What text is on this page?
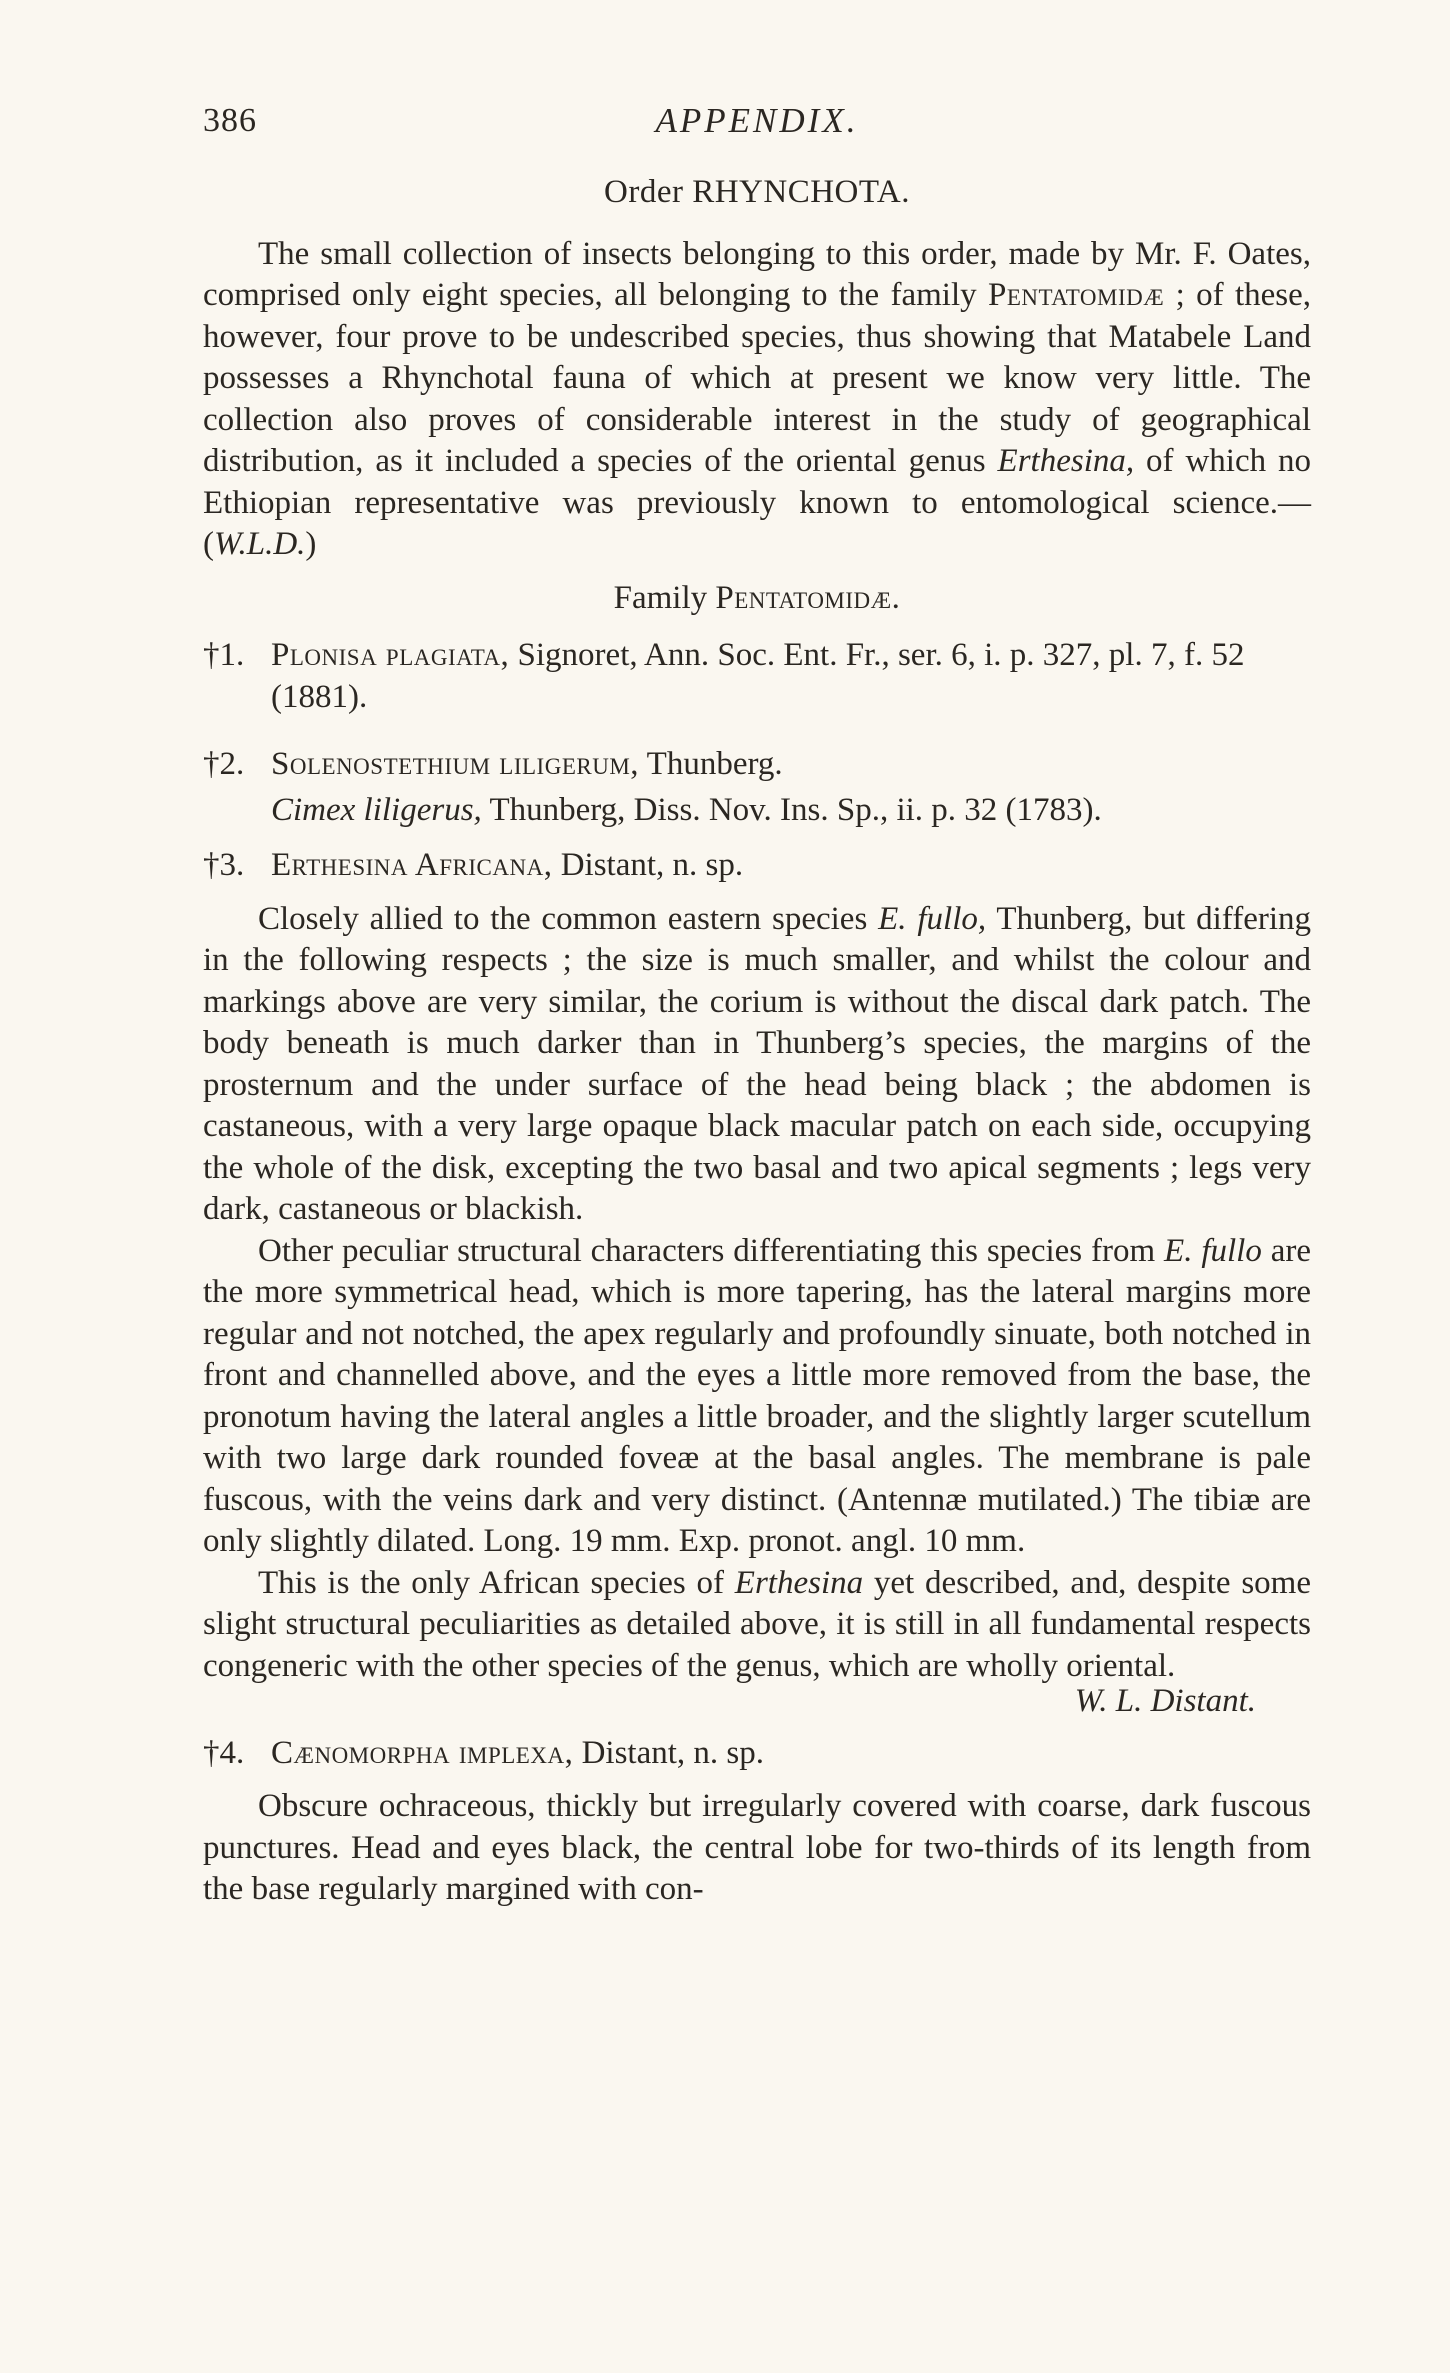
386	APPENDIX.
Order RHYNCHOTA.

The small collection of insects belonging to this order, made by Mr. F. Oates, comprised only eight species, all belonging to the family Pentatomidæ ; of these, however, four prove to be undescribed species, thus showing that Matabele Land possesses a Rhynchotal fauna of which at present we know very little. The collection also proves of considerable interest in the study of geographical distribution, as it included a species of the oriental genus Erthesina, of which no Ethiopian representative was previously known to entomological science.—(W.L.D.)

Family Pentatomidæ.

†1. Plonisa plagiata, Signoret, Ann. Soc. Ent. Fr., ser. 6, i. p. 327, pl. 7, f. 52 (1881).

†2. Solenostethium liligerum, Thunberg.

Cimex liligerus, Thunberg, Diss. Nov. Ins. Sp., ii. p. 32 (1783).

†3. Erthesina Africana, Distant, n. sp.

Closely allied to the common eastern species E. fullo, Thunberg, but differing in the following respects ; the size is much smaller, and whilst the colour and markings above are very similar, the corium is without the discal dark patch. The body beneath is much darker than in Thunberg’s species, the margins of the prosternum and the under surface of the head being black ; the abdomen is castaneous, with a very large opaque black macular patch on each side, occupying the whole of the disk, excepting the two basal and two apical segments ; legs very dark, castaneous or blackish.

Other peculiar structural characters differentiating this species from E. fullo are the more symmetrical head, which is more tapering, has the lateral margins more regular and not notched, the apex regularly and profoundly sinuate, both notched in front and channelled above, and the eyes a little more removed from the base, the pronotum having the lateral angles a little broader, and the slightly larger scutellum with two large dark rounded foveæ at the basal angles. The membrane is pale fuscous, with the veins dark and very distinct. (Antennæ mutilated.) The tibiæ are only slightly dilated. Long. 19 mm. Exp. pronot. angl. 10 mm.

This is the only African species of Erthesina yet described, and, despite some slight structural peculiarities as detailed above, it is still in all fundamental respects congeneric with the other species of the genus, which are wholly oriental.

W. L. Distant.

†4. Cænomorpha implexa, Distant, n. sp.

Obscure ochraceous, thickly but irregularly covered with coarse, dark fuscous punctures. Head and eyes black, the central lobe for two-thirds of its length from the base regularly margined with con-
